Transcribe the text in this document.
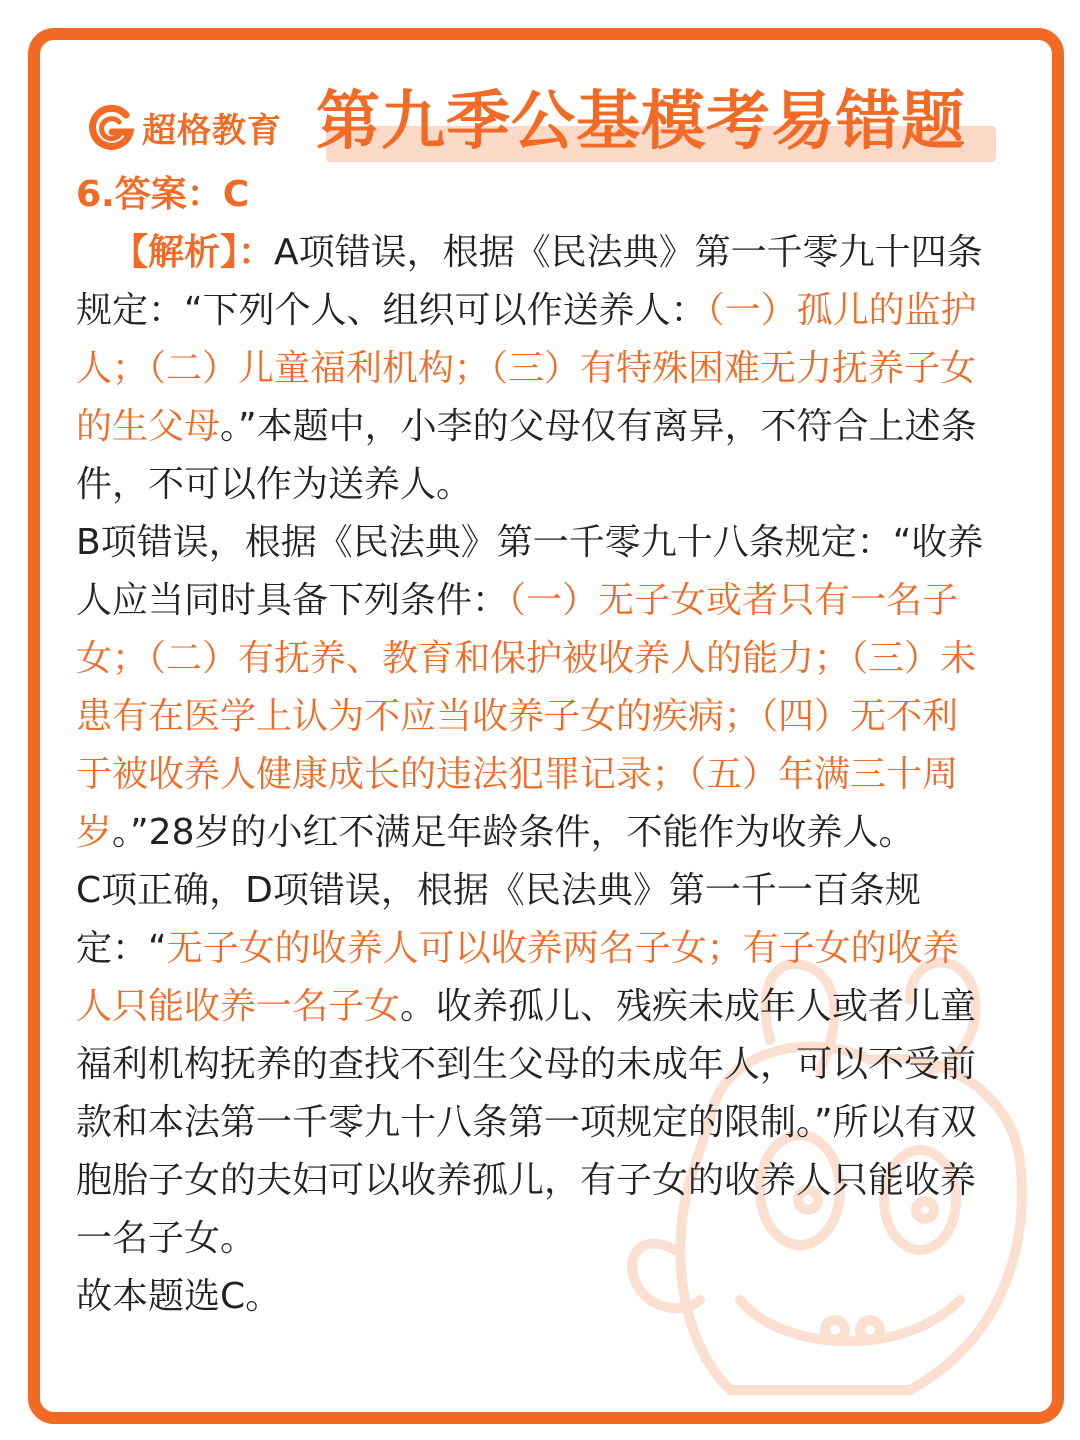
超格教育 第九季公基模考易错题

6.答案：C

 【解析】：A项错误，根据《民法典》第一千零九十四条规定：“下列个人、组织可以作送养人：（一）孤儿的监护人；（二）儿童福利机构；（三）有特殊困难无力抚养子女的生父母。”本题中，小李的父母仅有离异，不符合上述条件，不可以作为送养人。

B项错误，根据《民法典》第一千零九十八条规定：“收养人应当同时具备下列条件：（一）无子女或者只有一名子女；（二）有抚养、教育和保护被收养人的能力；（三）未患有在医学上认为不应当收养子女的疾病；（四）无不利于被收养人健康成长的违法犯罪记录；（五）年满三十周岁。”28岁的小红不满足年龄条件，不能作为收养人。

C项正确，D项错误，根据《民法典》第一千一百条规定：“无子女的收养人可以收养两名子女；有子女的收养人只能收养一名子女。收养孤儿、残疾未成年人或者儿童福利机构抚养的查找不到生父母的未成年人，可以不受前款和本法第一千零九十八条第一项规定的限制。”所以有双胞胎子女的夫妇可以收养孤儿，有子女的收养人只能收养一名子女。

故本题选C。
